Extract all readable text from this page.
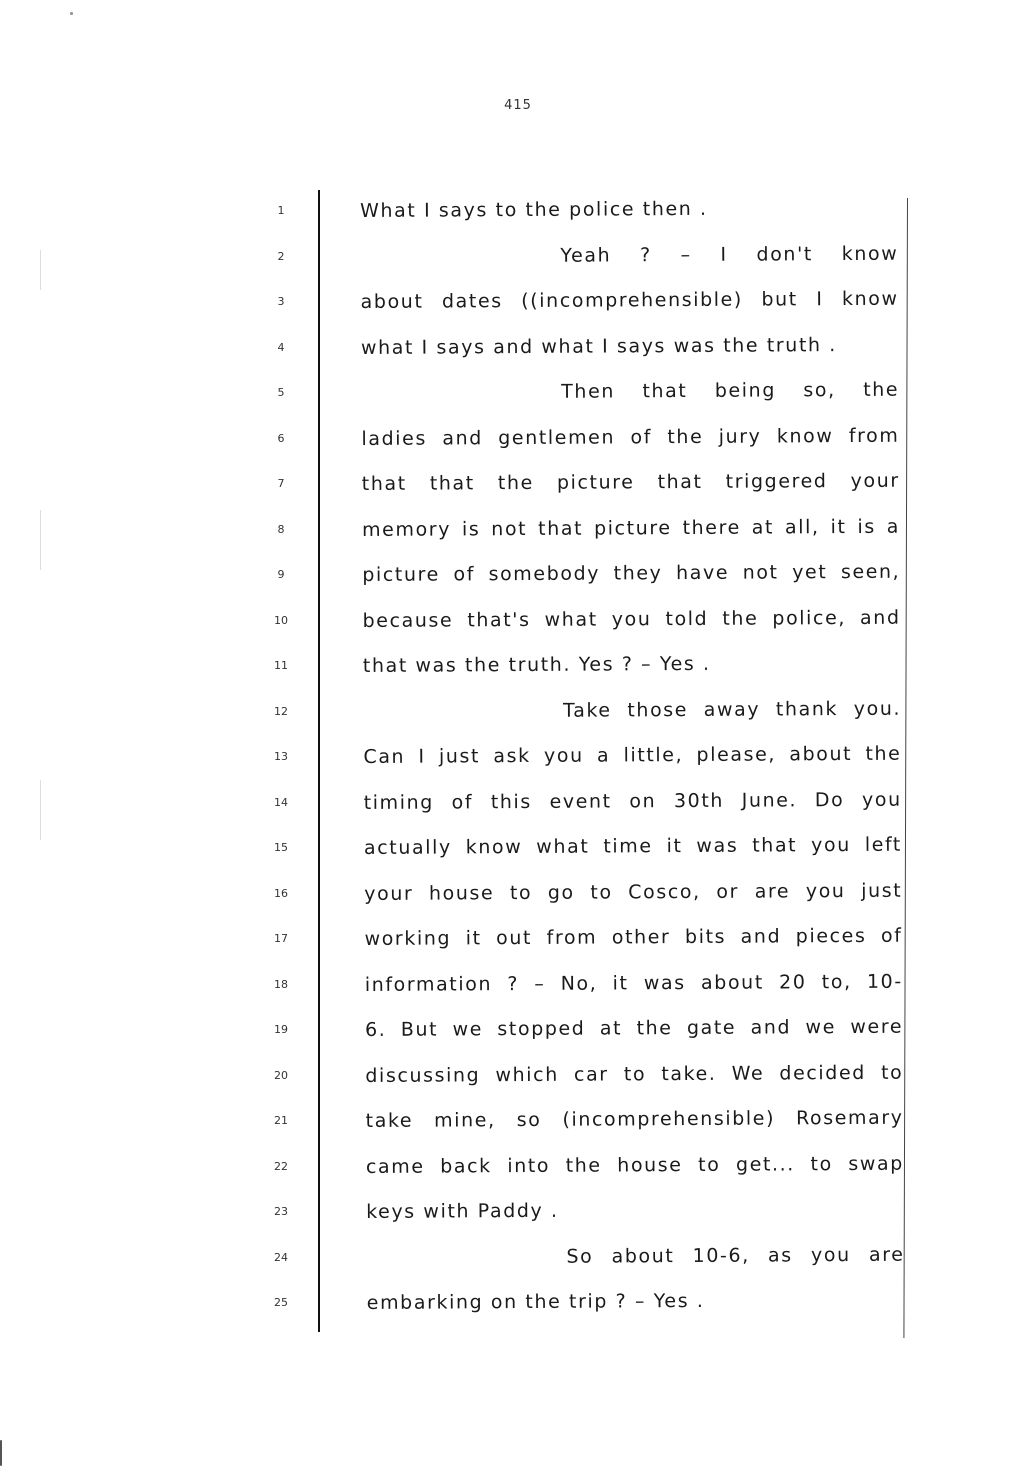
415
1
2
3
4
5
6
7
8
9
10
11
12
13
14
15
16
17
18
19
20
21
22
23
24
25
What I says to the police then .
Yeah ? – I don't know
about dates ((incomprehensible) but I know
what I says and what I says was the truth .
Then that being so, the
ladies and gentlemen of the jury know from
that that the picture that triggered your
memory is not that picture there at all, it is a
picture of somebody they have not yet seen,
because that's what you told the police, and
that was the truth. Yes ? – Yes .
Take those away thank you.
Can I just ask you a little, please, about the
timing of this event on 30th June. Do you
actually know what time it was that you left
your house to go to Cosco, or are you just
working it out from other bits and pieces of
information ? – No, it was about 20 to, 10-
6. But we stopped at the gate and we were
discussing which car to take. We decided to
take mine, so (incomprehensible) Rosemary
came back into the house to get... to swap
keys with Paddy .
So about 10-6, as you are
embarking on the trip ? – Yes .
